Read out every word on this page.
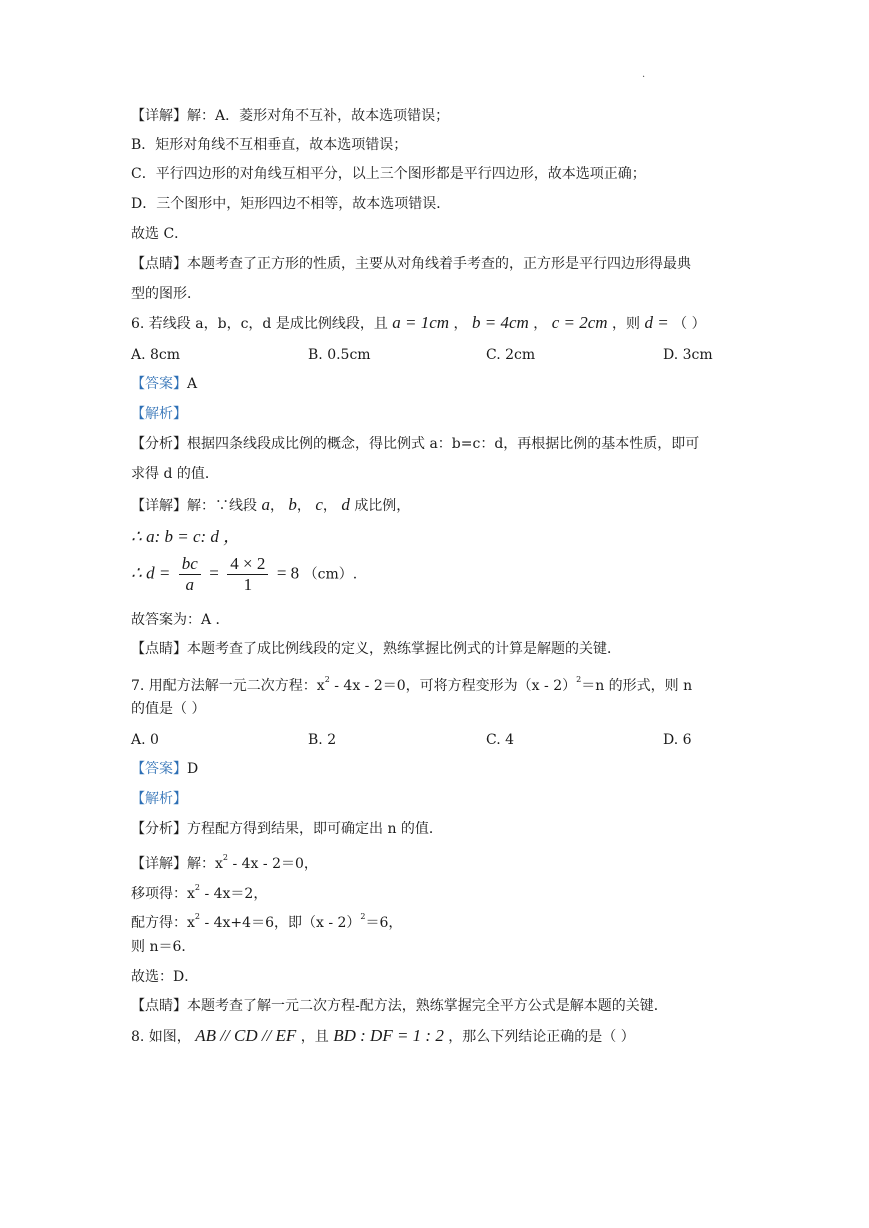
·
【详解】解：A．菱形对角不互补，故本选项错误；
B．矩形对角线不互相垂直，故本选项错误；
C．平行四边形的对角线互相平分，以上三个图形都是平行四边形，故本选项正确；
D．三个图形中，矩形四边不相等，故本选项错误．
故选 C．
【点睛】本题考查了正方形的性质，主要从对角线着手考查的，正方形是平行四边形得最典
型的图形．
6. 若线段 a，b，c，d 是成比例线段，且 a = 1cm ， b = 4cm ， c = 2cm ，则 d = （ ）
A. 8cm	B. 0.5cm	C. 2cm	D. 3cm
【答案】A
【解析】
【分析】根据四条线段成比例的概念，得比例式 a：b=c：d，再根据比例的基本性质，即可
求得 d 的值．
【详解】解：∵线段 a， b， c， d 成比例，
∴ a: b = c: d ，
∴ $d = \frac{bc}{a} = \frac{4 \times 2}{1} = 8$ （cm）.
故答案为：A ．
【点睛】本题考查了成比例线段的定义，熟练掌握比例式的计算是解题的关键．
7. 用配方法解一元二次方程：$x^2 - 4x - 2=0$，可将方程变形为（x - 2）$^2$＝n 的形式，则 n
的值是（ ）
A. 0	B. 2	C. 4	D. 6
【答案】D
【解析】
【分析】方程配方得到结果，即可确定出 n 的值．
【详解】解：$x^2 - 4x - 2=0$，
移项得：$x^2 - 4x=2$，
配方得：$x^2 - 4x+4=6$，即（x - 2）$^2$＝6，
则 n＝6．
故选：D．
【点睛】本题考查了解一元二次方程-配方法，熟练掌握完全平方公式是解本题的关键．
8. 如图， AB // CD // EF ，且 BD : DF = 1 : 2 ，那么下列结论正确的是（ ）
